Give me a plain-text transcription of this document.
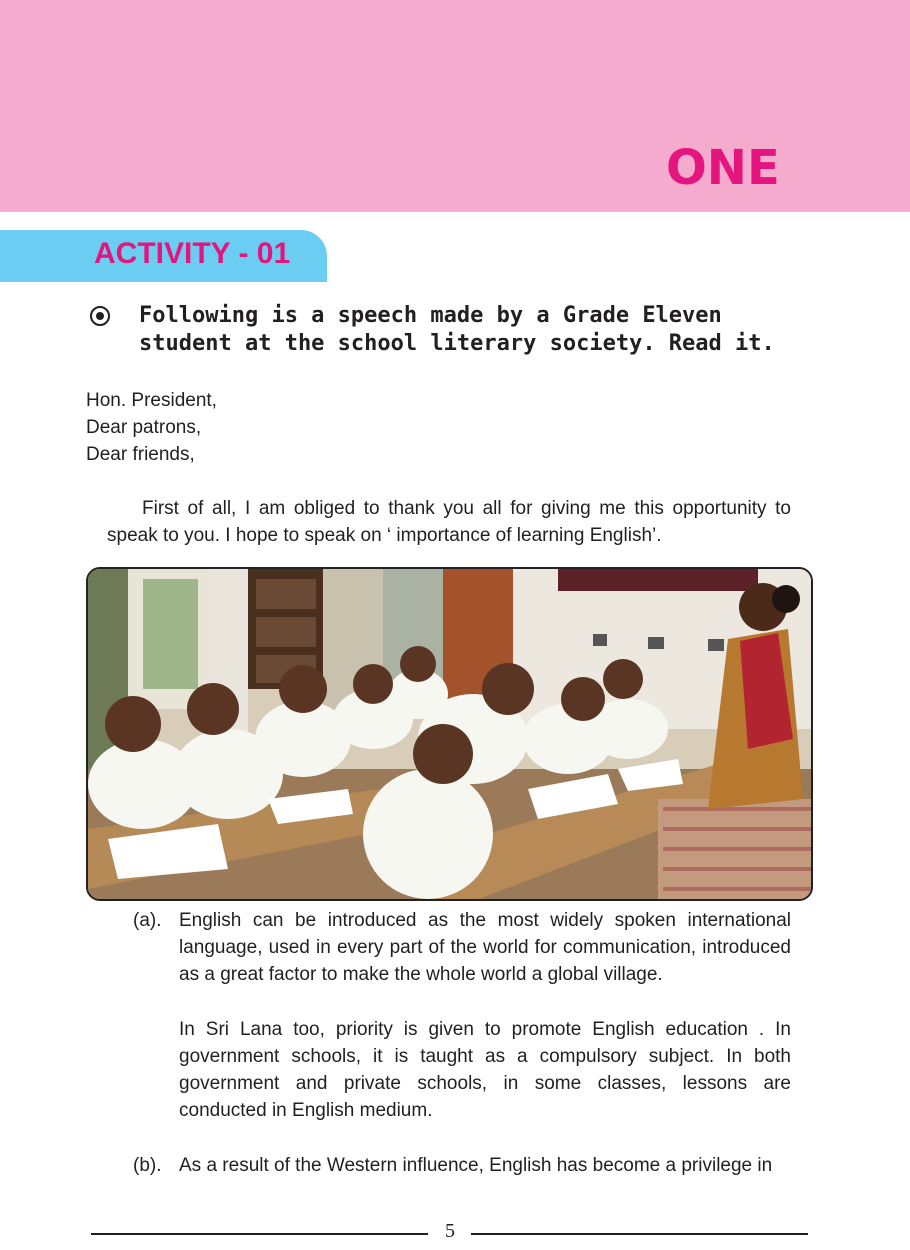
ONE
ACTIVITY - 01
Following is a speech made by a Grade Eleven student at the school literary society. Read it.
Hon. President,
Dear patrons,
Dear friends,

First of all, I am obliged to thank you all for giving me this opportunity to speak to you. I hope to speak on ‘ importance of learning English’.

(a). English can be introduced as the most widely spoken international language, used in every part of the world for communication, introduced as a great factor to make the whole world a global village.

In Sri Lana too, priority is given to promote English education . In government schools, it is taught as a compulsory subject. In both government and private schools, in some classes, lessons are conducted in English medium.

(b). As a result of the Western influence, English has become a privilege in

5
